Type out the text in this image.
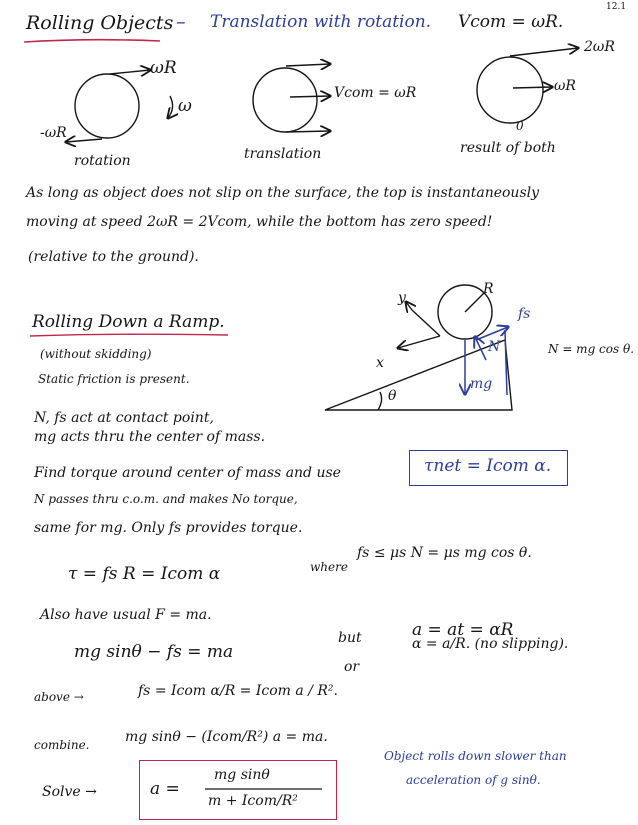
12.1
Rolling Objects – Translation with rotation. Vcom = ωR.
ωR
ω
-ωR
rotation
Vcom = ωR
translation
2ωR
ωR
0
result of both
As long as object does not slip on the surface, the top is instantaneously
moving at speed 2ωR = 2Vcom, while the bottom has zero speed!
(relative to the ground).
Rolling Down a Ramp.
(without skidding)
Static friction is present.
y
x
θ
R
fs
N
mg
N = mg cos θ.
N, fs act at contact point,
mg acts thru the center of mass.
Find torque around center of mass and use	τnet = Icom α.
N passes thru c.o.m. and makes No torque,
same for mg. Only fs provides torque.
τ = fs R = Icom α	where
fs ≤ μs N = μs mg cos θ.
Also have usual F = ma.
mg sinθ − fs = ma
but
or
a = at = αR
α = a/R. (no slipping).
above →	fs = Icom α/R = Icom a / R².
combine.	mg sinθ − (Icom/R²) a = ma.
Solve →	a =
mg sinθ
m + Icom/R²
Object rolls down slower than
acceleration of g sinθ.
